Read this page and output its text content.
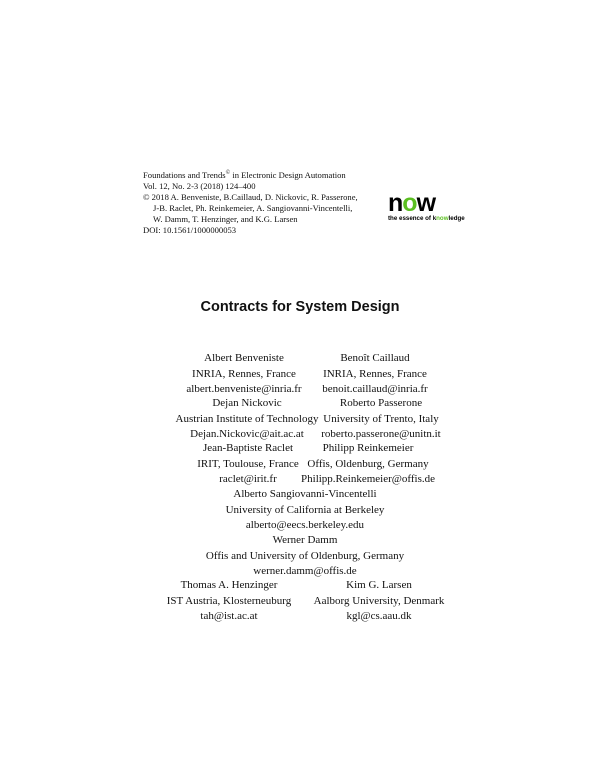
Foundations and Trends© in Electronic Design Automation
Vol. 12, No. 2-3 (2018) 124–400
© 2018 A. Benveniste, B.Caillaud, D. Nickovic, R. Passerone,
J-B. Raclet, Ph. Reinkemeier, A. Sangiovanni-Vincentelli,
W. Damm, T. Henzinger, and K.G. Larsen
DOI: 10.1561/1000000053
now
the essence of knowledge
Contracts for System Design
Albert Benveniste
INRIA, Rennes, France
albert.benveniste@inria.fr
Benoît Caillaud
INRIA, Rennes, France
benoit.caillaud@inria.fr
Dejan Nickovic
Austrian Institute of Technology
Dejan.Nickovic@ait.ac.at
Roberto Passerone
University of Trento, Italy
roberto.passerone@unitn.it
Jean-Baptiste Raclet
IRIT, Toulouse, France
raclet@irit.fr
Philipp Reinkemeier
Offis, Oldenburg, Germany
Philipp.Reinkemeier@offis.de
Alberto Sangiovanni-Vincentelli
University of California at Berkeley
alberto@eecs.berkeley.edu
Werner Damm
Offis and University of Oldenburg, Germany
werner.damm@offis.de
Thomas A. Henzinger
IST Austria, Klosterneuburg
tah@ist.ac.at
Kim G. Larsen
Aalborg University, Denmark
kgl@cs.aau.dk
